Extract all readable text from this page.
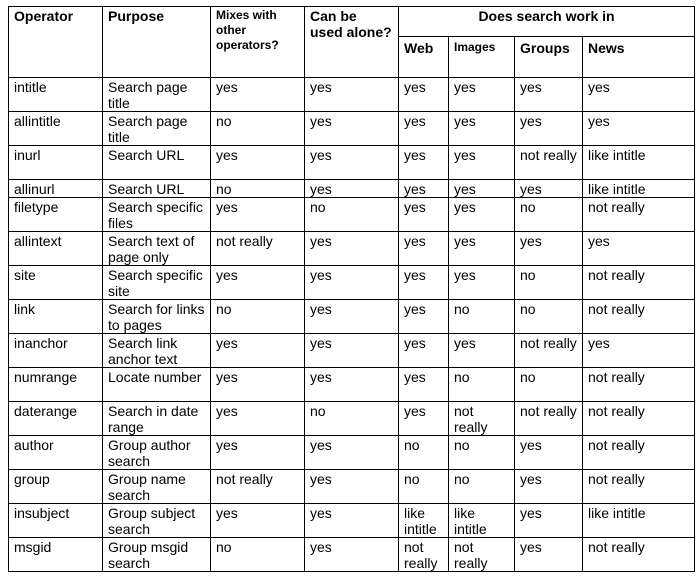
Operator	Purpose	Mixes with other operators?	Can be used alone?	Does search work in			
				Web	Images	Groups	News
intitle	Search page title	yes	yes	yes	yes	yes	yes
allintitle	Search page title	no	yes	yes	yes	yes	yes
inurl	Search URL	yes	yes	yes	yes	not really	like intitle
allinurl	Search URL	no	yes	yes	yes	yes	like intitle
filetype	Search specific files	yes	no	yes	yes	no	not really
allintext	Search text of page only	not really	yes	yes	yes	yes	yes
site	Search specific site	yes	yes	yes	yes	no	not really
link	Search for links to pages	no	yes	yes	no	no	not really
inanchor	Search link anchor text	yes	yes	yes	yes	not really	yes
numrange	Locate number	yes	yes	yes	no	no	not really
daterange	Search in date range	yes	no	yes	not really	not really	not really
author	Group author search	yes	yes	no	no	yes	not really
group	Group name search	not really	yes	no	no	yes	not really
insubject	Group subject search	yes	yes	like intitle	like intitle	yes	like intitle
msgid	Group msgid search	no	yes	not really	not really	yes	not really
